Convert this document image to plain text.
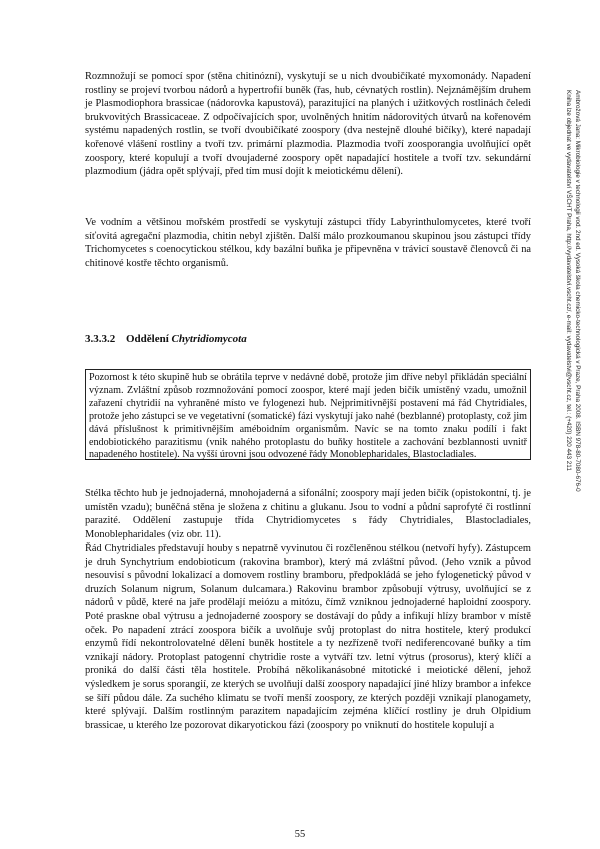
Rozmnožují se pomocí spor (stěna chitinózní), vyskytují se u nich dvoubičíkaté myxomonády. Napadení rostliny se projeví tvorbou nádorů a hypertrofií buněk (řas, hub, cévnatých rostlin). Nejznámějším druhem je Plasmodiophora brassicae (nádorovka kapustová), parazitující na planých i užitkových rostlinách čeledi brukvovitých Brassicaceae. Z odpočívajících spor, uvolněných hnitím nádorovitých útvarů na kořenovém systému napadených rostlin, se tvoří dvoubičíkaté zoospory (dva nestejně dlouhé bičíky), které napadají kořenové vlášení rostliny a tvoří tzv. primární plazmodia. Plazmodia tvoří zoosporangia uvolňující opět zoospory, které kopulují a tvoří dvoujaderné zoospory opět napadající hostitele a tvoří tzv. sekundární plazmodium (jádra opět splývají, před tím musí dojít k meiotickému dělení).

Ve vodním a většinou mořském prostředí se vyskytují zástupci třídy Labyrinthulomycetes, které tvoří síťovitá agregační plazmodia, chitin nebyl zjištěn. Další málo prozkoumanou skupinou jsou zástupci třídy Trichomycetes s coenocytickou stélkou, kdy bazální buňka je připevněna v trávicí soustavě členovců či na chitinové kostře těchto organismů.

3.3.3.2 Oddělení Chytridiomycota

Pozornost k této skupině hub se obrátila teprve v nedávné době, protože jim dříve nebyl přikládán speciální význam. Zvláštní způsob rozmnožování pomocí zoospor, které mají jeden bičík umístěný vzadu, umožnil zařazení chytridií na vyhraněné místo ve fylogenezi hub. Nejprimitivnější postavení má řád Chytridiales, protože jeho zástupci se ve vegetativní (somatické) fázi vyskytují jako nahé (bezblanné) protoplasty, což jim dává příslušnost k primitivnějším améboidním organismům. Navíc se na tomto znaku podílí i fakt endobiotického parazitismu (vnik nahého protoplastu do buňky hostitele a zachování bezblannosti uvnitř napadeného hostitele). Na vyšší úrovni jsou odvozené řády Monoblepharidales, Blastocladiales.

Stélka těchto hub je jednojaderná, mnohojaderná a sifonální; zoospory mají jeden bičík (opistokontní, tj. je umístěn vzadu); buněčná stěna je složena z chitinu a glukanu. Jsou to vodní a půdní saprofyté či rostlinní parazité. Oddělení zastupuje třída Chytridiomycetes s řády Chytridiales, Blastocladiales, Monoblepharidales (viz obr. 11).

Řád Chytridiales představují houby s nepatrně vyvinutou či rozčleněnou stélkou (netvoří hyfy). Zástupcem je druh Synchytrium endobioticum (rakovina brambor), který má zvláštní původ. (Jeho vznik a původ nesouvisí s původní lokalizací a domovem rostliny bramboru, předpokládá se jeho fylogenetický původ v druzích Solanum nigrum, Solanum dulcamara.) Rakovinu brambor způsobují výtrusy, uvolňující se z nádorů v půdě, které na jaře prodělají meiózu a mitózu, čímž vzniknou jednojaderné haploidní zoospory. Poté praskne obal výtrusu a jednojaderné zoospory se dostávají do půdy a infikují hlízy brambor v místě oček. Po napadení ztrácí zoospora bičík a uvolňuje svůj protoplast do nitra hostitele, který produkcí enzymů řídí nekontrolovatelné dělení buněk hostitele a ty nezřízeně tvoří nediferencované buňky a tím vznikají nádory. Protoplast patogenní chytridie roste a vytváří tzv. letní výtrus (prosorus), který klíčí a proniká do další části těla hostitele. Probíhá několikanásobné mitotické i meiotické dělení, jehož výsledkem je sorus sporangií, ze kterých se uvolňují další zoospory napadající jiné hlízy brambor a infekce se šíří půdou dále. Za suchého klimatu se tvoří menší zoospory, ze kterých později vznikají planogamety, které splývají. Dalším rostlinným parazitem napadajícím zejména klíčící rostliny je druh Olpidium brassicae, u kterého lze pozorovat dikaryotickou fázi (zoospory po vniknutí do hostitele kopulují a

55
Ambrožová Jana: Mikrobiologie v technologii vod. 2nd ed. Vysoká škola chemicko-technologická v Praze, Praha 2008. ISBN 978-80-7080-676-0
Kniha lze objednat ve vydavatelství VŠCHT Praha, http://vydavatelstvi.vscht.cz/, e-mail: vydavatelstvi@vscht.cz, tel.: (+420) 220 443 211
